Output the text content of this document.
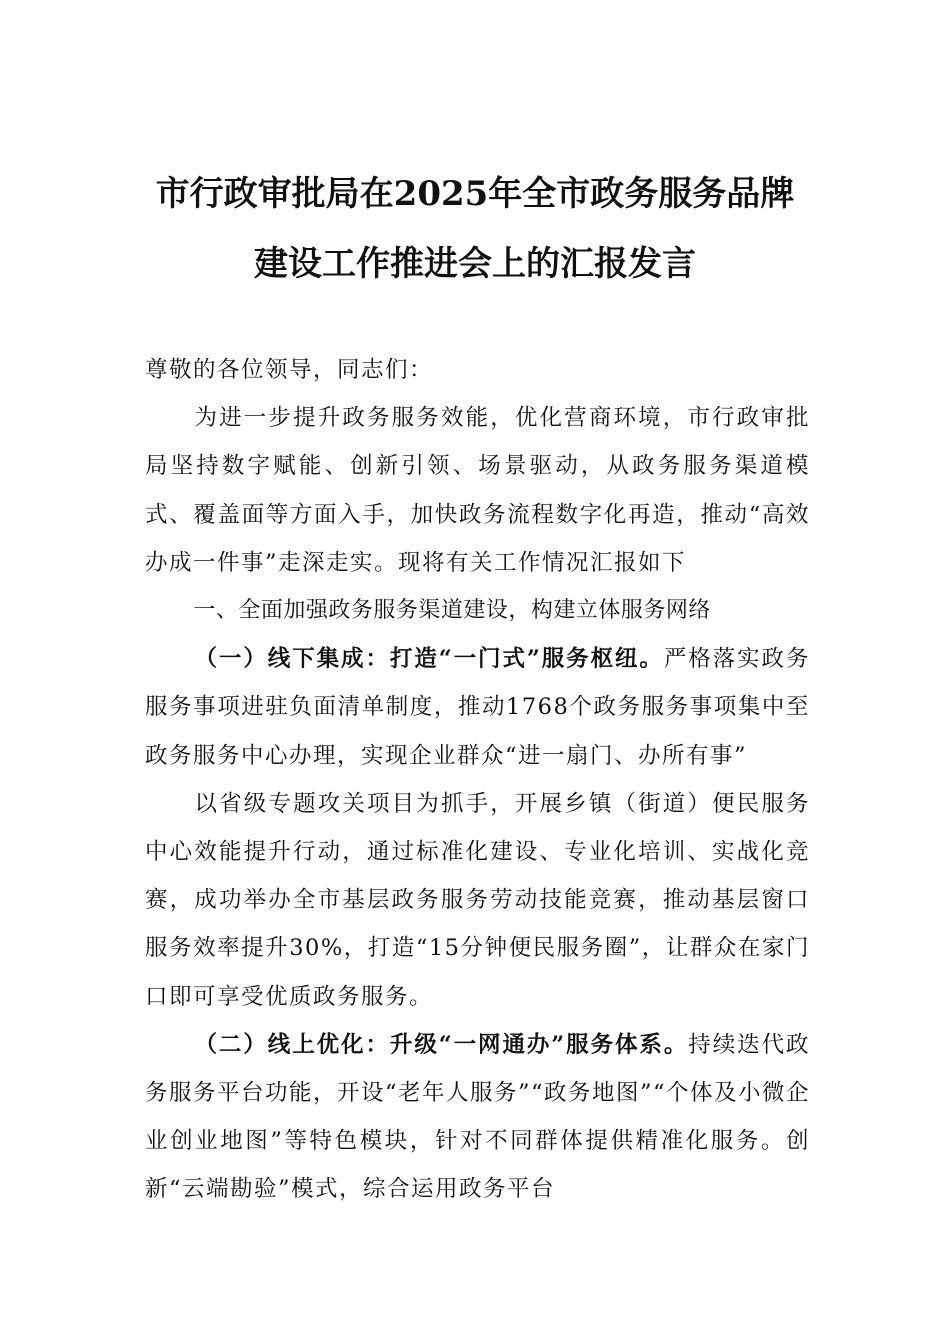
市行政审批局在2025年全市政务服务品牌
建设工作推进会上的汇报发言

尊敬的各位领导，同志们：

为进一步提升政务服务效能，优化营商环境，市行政审批局坚持数字赋能、创新引领、场景驱动，从政务服务渠道模式、覆盖面等方面入手，加快政务流程数字化再造，推动“高效办成一件事”走深走实。现将有关工作情况汇报如下

一、全面加强政务服务渠道建设，构建立体服务网络

（一）线下集成：打造“一门式”服务枢纽。严格落实政务服务事项进驻负面清单制度，推动1768个政务服务事项集中至政务服务中心办理，实现企业群众“进一扇门、办所有事”

以省级专题攻关项目为抓手，开展乡镇（街道）便民服务中心效能提升行动，通过标准化建设、专业化培训、实战化竞赛，成功举办全市基层政务服务劳动技能竞赛，推动基层窗口服务效率提升30%，打造“15分钟便民服务圈”，让群众在家门口即可享受优质政务服务。

（二）线上优化：升级“一网通办”服务体系。持续迭代政务服务平台功能，开设“老年人服务”“政务地图”“个体及小微企业创业地图”等特色模块，针对不同群体提供精准化服务。创新“云端勘验”模式，综合运用政务平台
